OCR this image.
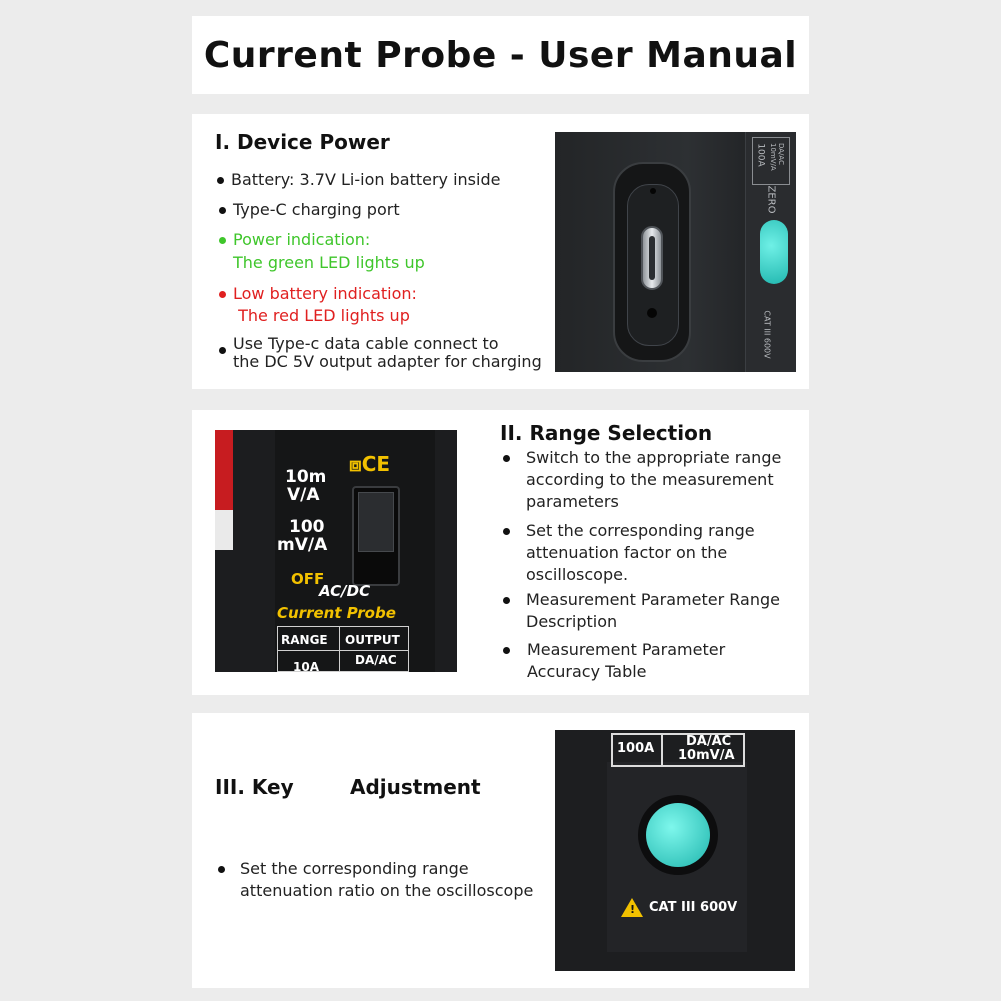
Current Probe - User Manual
I. Device Power
Battery: 3.7V Li-ion battery inside
Type-C charging port
Power indication:
The green LED lights up
Low battery indication:
The red LED lights up
Use Type-c data cable connect to
the DC 5V output adapter for charging
100A	DA/AC 10mV/A
ZERO
CAT III 600V
⧈CE
10m
V/A
100
mV/A
OFF
AC/DC
Current Probe
RANGE OUTPUT
10A	DA/AC
II. Range Selection
Switch to the appropriate range
according to the measurement
parameters
Set the corresponding range
attenuation factor on the
oscilloscope.
Measurement Parameter Range
Description
Measurement Parameter
Accuracy Table
III. Key	Adjustment
Set the corresponding range
attenuation ratio on the oscilloscope
100A DA/AC
10mV/A
! CAT III 600V
